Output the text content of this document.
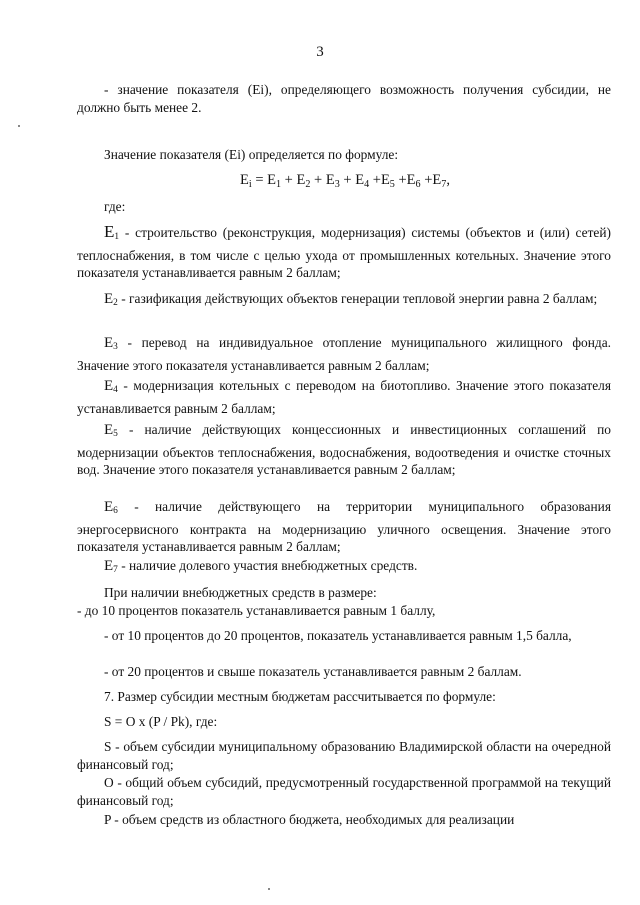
3
- значение показателя (Ei), определяющего возможность получения субсидии, не должно быть менее 2.
Значение показателя (Ei) определяется по формуле:
$E_i = E_1 + E_2 + E_3 + E_4 +E_5 +E_6 +E_7$,
где:
$E_1$ - строительство (реконструкция, модернизация) системы (объектов и (или) сетей) теплоснабжения, в том числе с целью ухода от промышленных котельных. Значение этого показателя устанавливается равным 2 баллам;
$E_2$ - газификация действующих объектов генерации тепловой энергии равна 2 баллам;
$E_3$ - перевод на индивидуальное отопление муниципального жилищного фонда. Значение этого показателя устанавливается равным 2 баллам;
$E_4$ - модернизация котельных с переводом на биотопливо. Значение этого показателя устанавливается равным 2 баллам;
$E_5$ - наличие действующих концессионных и инвестиционных соглашений по модернизации объектов теплоснабжения, водоснабжения, водоотведения и очистке сточных вод. Значение этого показателя устанавливается равным 2 баллам;
$E_6$ - наличие действующего на территории муниципального образования энергосервисного контракта на модернизацию уличного освещения. Значение этого показателя устанавливается равным 2 баллам;
$E_7$ - наличие долевого участия внебюджетных средств.
При наличии внебюджетных средств в размере:
- до 10 процентов показатель устанавливается равным 1 баллу,
- от 10 процентов до 20 процентов, показатель устанавливается равным 1,5 балла,
- от 20 процентов и свыше показатель устанавливается равным 2 баллам.
7. Размер субсидии местным бюджетам рассчитывается по формуле:
S = O x (P / Pk), где:
S - объем субсидии муниципальному образованию Владимирской области на очередной финансовый год;
O - общий объем субсидий, предусмотренный государственной программой на текущий финансовый год;
P - объем средств из областного бюджета, необходимых для реализации
